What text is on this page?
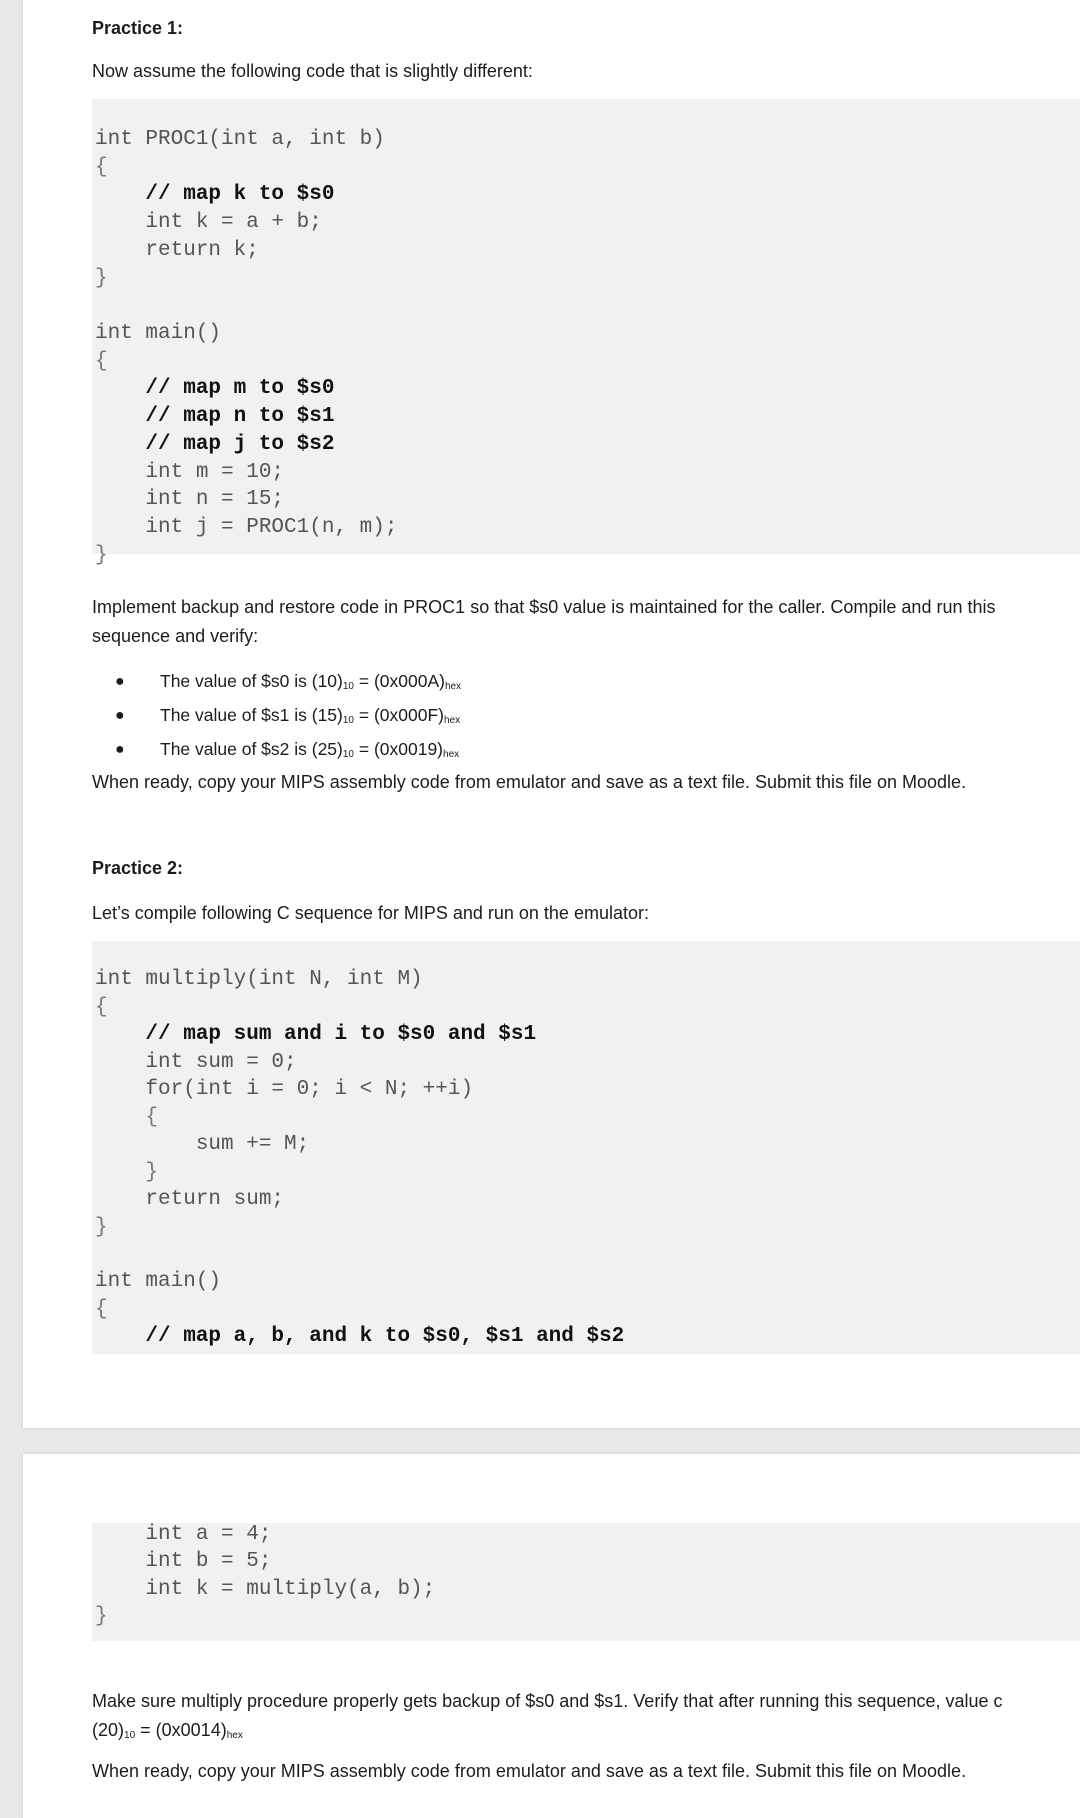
Practice 1:
Now assume the following code that is slightly different:
int PROC1(int a, int b)
{
// map k to $s0
int k = a + b;
return k;
}
int main()
{
// map m to $s0
// map n to $s1
// map j to $s2
int m = 10;
int n = 15;
int j = PROC1(n, m);
}
Implement backup and restore code in PROC1 so that $s0 value is maintained for the caller. Compile and run this
sequence and verify:
● The value of $s0 is $(10)_{10} = (0x000A)_{hex}$
● The value of $s1 is $(15)_{10} = (0x000F)_{hex}$
● The value of $s2 is $(25)_{10} = (0x0019)_{hex}$
When ready, copy your MIPS assembly code from emulator and save as a text file. Submit this file on Moodle.
Practice 2:
Let’s compile following C sequence for MIPS and run on the emulator:
int multiply(int N, int M)
{
// map sum and i to $s0 and $s1
int sum = 0;
for(int i = 0; i < N; ++i)
{
sum += M;
}
return sum;
}
int main()
{
// map a, b, and k to $s0, $s1 and $s2
int a = 4;
int b = 5;
int k = multiply(a, b);
}
Make sure multiply procedure properly gets backup of $s0 and $s1. Verify that after running this sequence, value c
$(20)_{10} = (0x0014)_{hex}$
When ready, copy your MIPS assembly code from emulator and save as a text file. Submit this file on Moodle.
